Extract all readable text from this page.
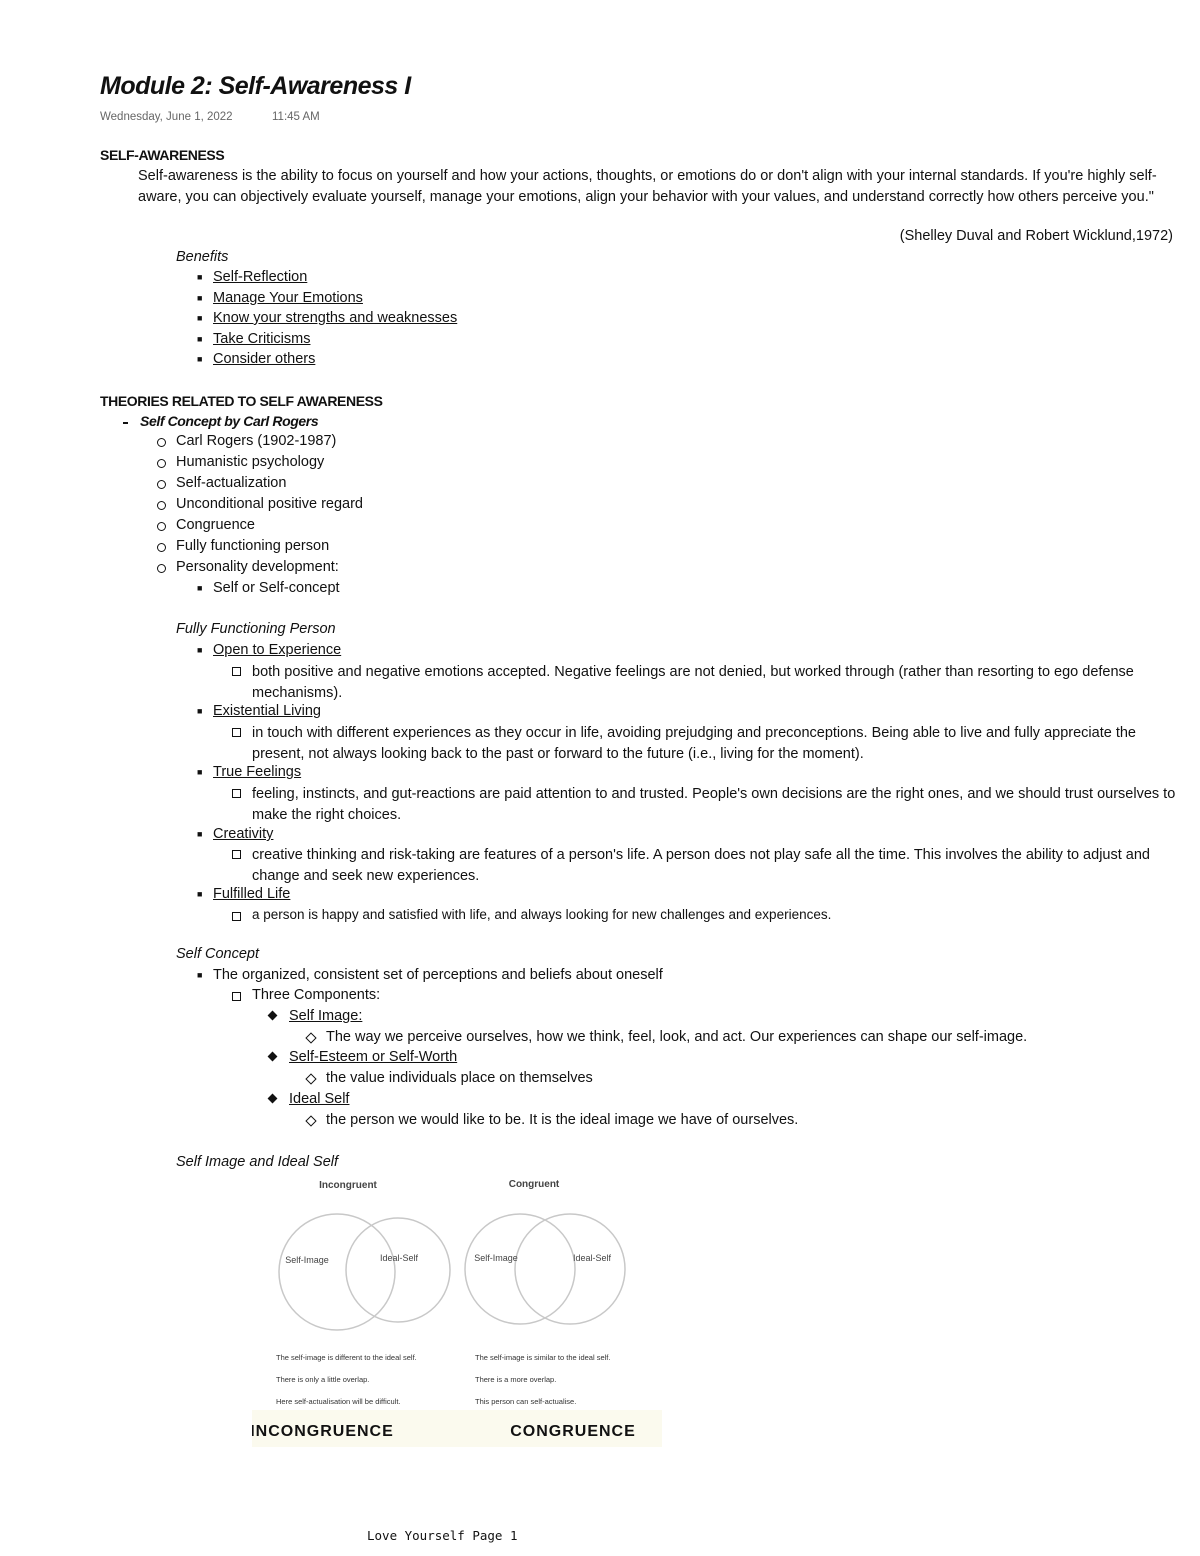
Module 2: Self-Awareness I
Wednesday, June 1, 2022	11:45 AM
SELF-AWARENESS
Self-awareness is the ability to focus on yourself and how your actions, thoughts, or emotions do or don't align with your internal standards. If you're highly self-aware, you can objectively evaluate yourself, manage your emotions, align your behavior with your values, and understand correctly how others perceive you."
(Shelley Duval and Robert Wicklund,1972)
Benefits
■ Self-Reflection
■ Manage Your Emotions
■ Know your strengths and weaknesses
■ Take Criticisms
■ Consider others
THEORIES RELATED TO SELF AWARENESS
Self Concept by Carl Rogers
Carl Rogers (1902-1987)
Humanistic psychology
Self-actualization
Unconditional positive regard
Congruence
Fully functioning person
Personality development:
■ Self or Self-concept
Fully Functioning Person
■ Open to Experience
both positive and negative emotions accepted. Negative feelings are not denied, but worked through (rather than resorting to ego defense mechanisms).
■ Existential Living
in touch with different experiences as they occur in life, avoiding prejudging and preconceptions. Being able to live and fully appreciate the present, not always looking back to the past or forward to the future (i.e., living for the moment).
■ True Feelings
feeling, instincts, and gut-reactions are paid attention to and trusted. People's own decisions are the right ones, and we should trust ourselves to make the right choices.
■ Creativity
creative thinking and risk-taking are features of a person's life. A person does not play safe all the time. This involves the ability to adjust and change and seek new experiences.
■ Fulfilled Life
a person is happy and satisfied with life, and always looking for new challenges and experiences.
Self Concept
■ The organized, consistent set of perceptions and beliefs about oneself
Three Components:
Self Image:
The way we perceive ourselves, how we think, feel, look, and act. Our experiences can shape our self-image.
Self-Esteem or Self-Worth
the value individuals place on themselves
Ideal Self
the person we would like to be. It is the ideal image we have of ourselves.
Self Image and Ideal Self
Incongruent
Self-Image	Ideal-Self
The self-image is different to the ideal self.
There is only a little overlap.
Here self-actualisation will be difficult.
Congruent
Self-Image	Ideal-Self
The self-image is similar to the ideal self.
There is a more overlap.
This person can self-actualise.
INCONGRUENCE	CONGRUENCE
Love Yourself Page 1
